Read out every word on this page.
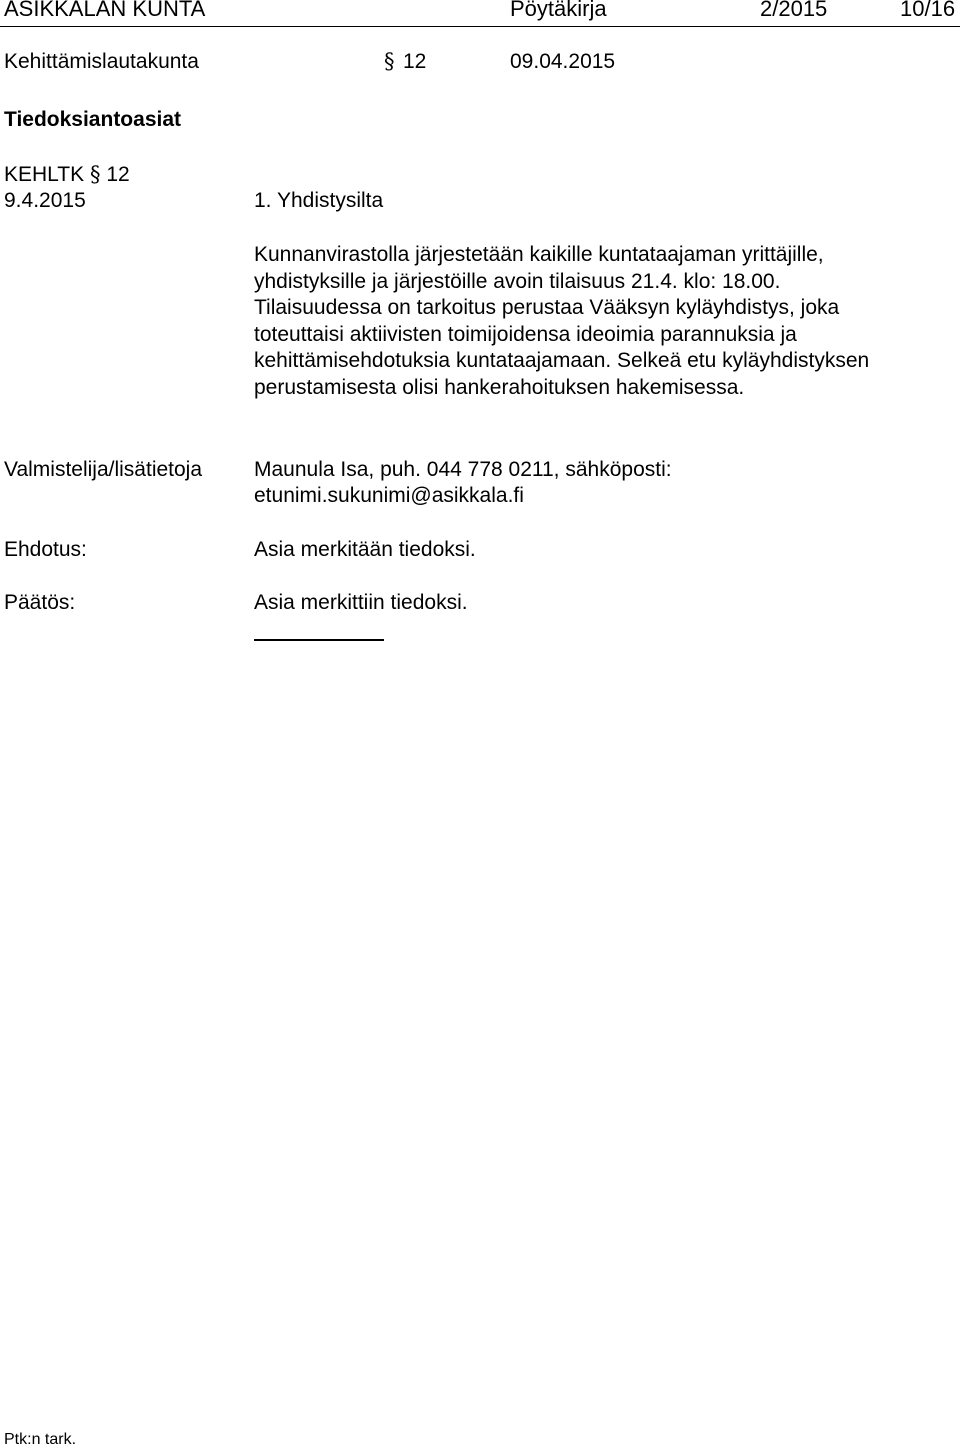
ASIKKALAN KUNTA	Pöytäkirja	2/2015	10/16
Kehittämislautakunta	§ 12	09.04.2015
Tiedoksiantoasiat
KEHLTK § 12
9.4.2015	1. Yhdistysilta

Kunnanvirastolla järjestetään kaikille kuntataajaman yrittäjille,

yhdistyksille ja järjestöille avoin tilaisuus 21.4. klo: 18.00.

Tilaisuudessa on tarkoitus perustaa Vääksyn kyläyhdistys, joka

toteuttaisi aktiivisten toimijoidensa ideoimia parannuksia ja

kehittämisehdotuksia kuntataajamaan. Selkeä etu kyläyhdistyksen

perustamisesta olisi hankerahoituksen hakemisessa.

Valmistelija/lisätietoja Maunula Isa, puh. 044 778 0211, sähköposti:
etunimi.sukunimi@asikkala.fi
Ehdotus:	Asia merkitään tiedoksi.
Päätös:	Asia merkittiin tiedoksi.
Ptk:n tark.
